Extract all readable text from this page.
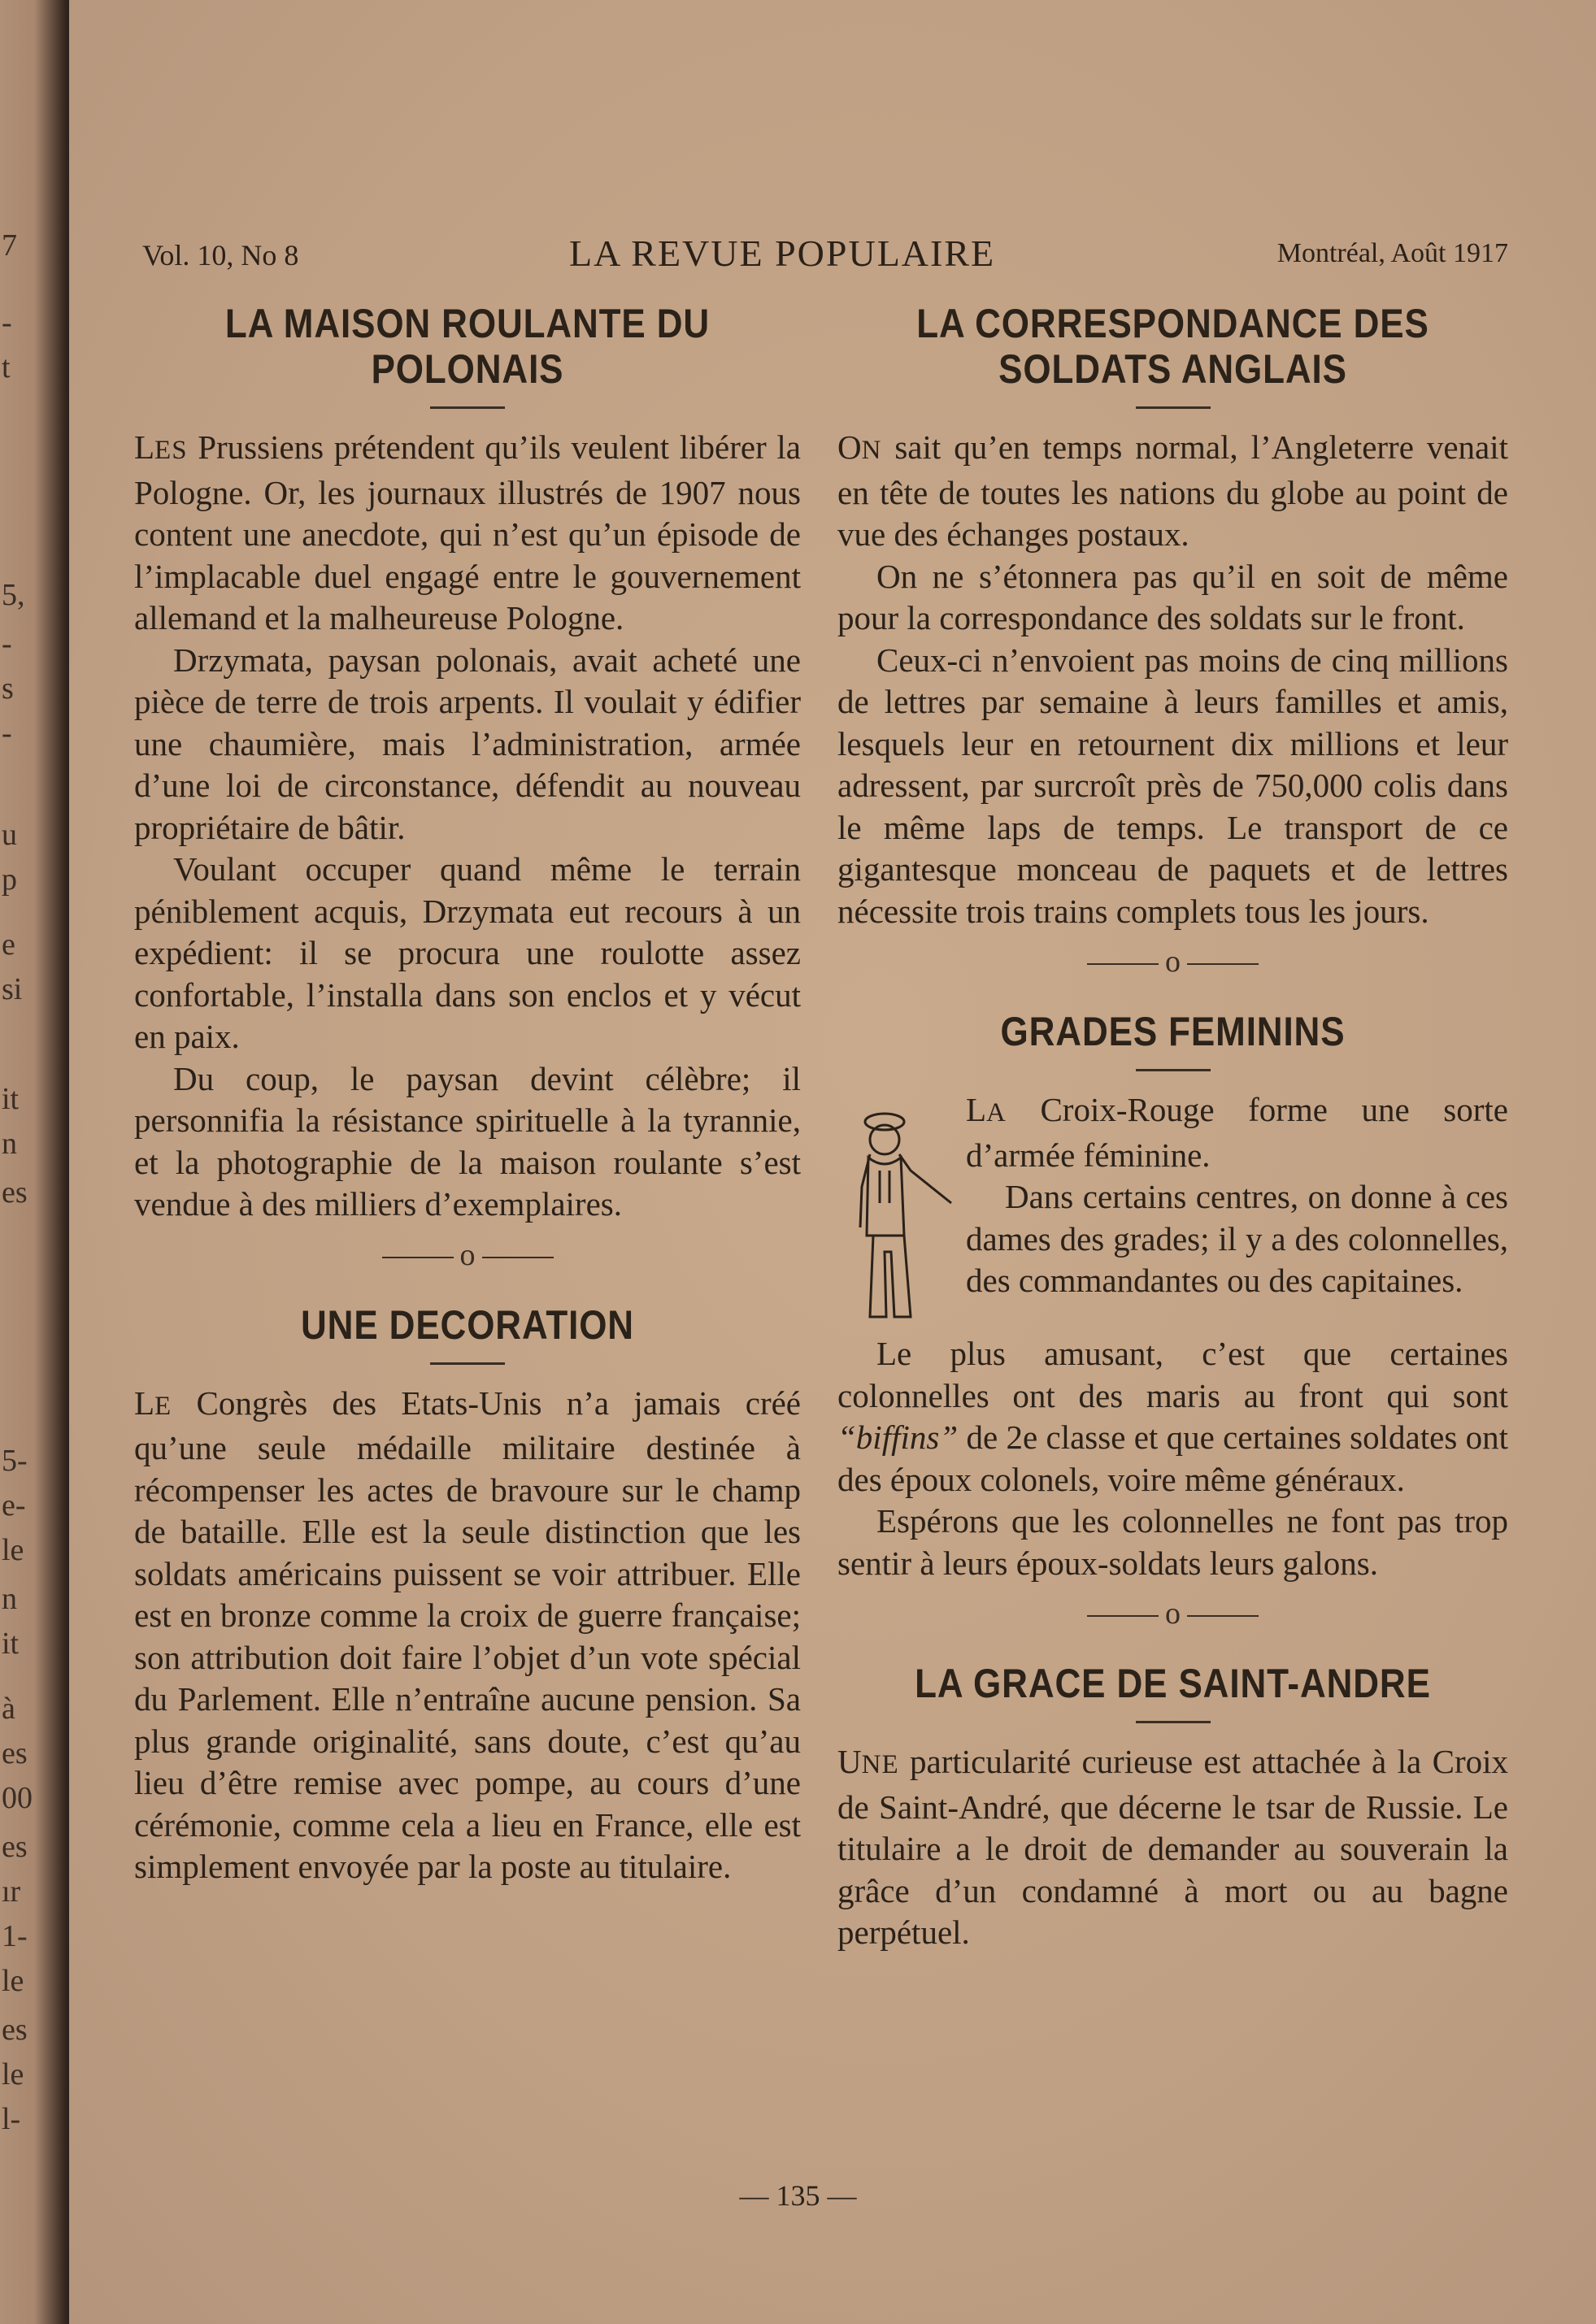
7
-
t
5,
-
s
-
u
p
e
si
it
n
es
5-
e-
le
n
it
à
es
00
es
ır
1-
le
es
le
l-
Vol. 10, No 8	LA REVUE POPULAIRE	Montréal, Août 1917
LA MAISON ROULANTE DU
POLONAIS

LES Prussiens prétendent qu’ils veulent libérer la Pologne. Or, les journaux illustrés de 1907 nous content une anecdote, qui n’est qu’un épisode de l’implacable duel engagé entre le gouvernement allemand et la malheureuse Pologne.

Drzymata, paysan polonais, avait acheté une pièce de terre de trois arpents. Il voulait y édifier une chaumière, mais l’administration, armée d’une loi de circonstance, défendit au nouveau propriétaire de bâtir.

Voulant occuper quand même le terrain péniblement acquis, Drzymata eut recours à un expédient: il se procura une roulotte assez confortable, l’installa dans son enclos et y vécut en paix.

Du coup, le paysan devint célèbre; il personnifia la résistance spirituelle à la tyrannie, et la photographie de la maison roulante s’est vendue à des milliers d’exemplaires.

o
UNE DECORATION

LE Congrès des Etats-Unis n’a jamais créé qu’une seule médaille militaire destinée à récompenser les actes de bravoure sur le champ de bataille. Elle est la seule distinction que les soldats américains puissent se voir attribuer. Elle est en bronze comme la croix de guerre française; son attribution doit faire l’objet d’un vote spécial du Parlement. Elle n’entraîne aucune pension. Sa plus grande originalité, sans doute, c’est qu’au lieu d’être remise avec pompe, au cours d’une cérémonie, comme cela a lieu en France, elle est simplement envoyée par la poste au titulaire.

LA CORRESPONDANCE DES
SOLDATS ANGLAIS

ON sait qu’en temps normal, l’Angleterre venait en tête de toutes les nations du globe au point de vue des échanges postaux.

On ne s’étonnera pas qu’il en soit de même pour la correspondance des soldats sur le front.

Ceux-ci n’envoient pas moins de cinq millions de lettres par semaine à leurs familles et amis, lesquels leur en retournent dix millions et leur adressent, par surcroît près de 750,000 colis dans le même laps de temps. Le transport de ce gigantesque monceau de paquets et de lettres nécessite trois trains complets tous les jours.

o
GRADES FEMININS

LA Croix-Rouge forme une sorte d’armée féminine.

Dans certains centres, on donne à ces dames des grades; il y a des colonnelles, des commandantes ou des capitaines.

Le plus amusant, c’est que certaines colonnelles ont des maris au front qui sont “biffins” de 2e classe et que certaines soldates ont des époux colonels, voire même généraux.

Espérons que les colonnelles ne font pas trop sentir à leurs époux-soldats leurs galons.

o
LA GRACE DE SAINT-ANDRE

UNE particularité curieuse est attachée à la Croix de Saint-André, que décerne le tsar de Russie. Le titulaire a le droit de demander au souverain la grâce d’un condamné à mort ou au bagne perpétuel.

— 135 —
